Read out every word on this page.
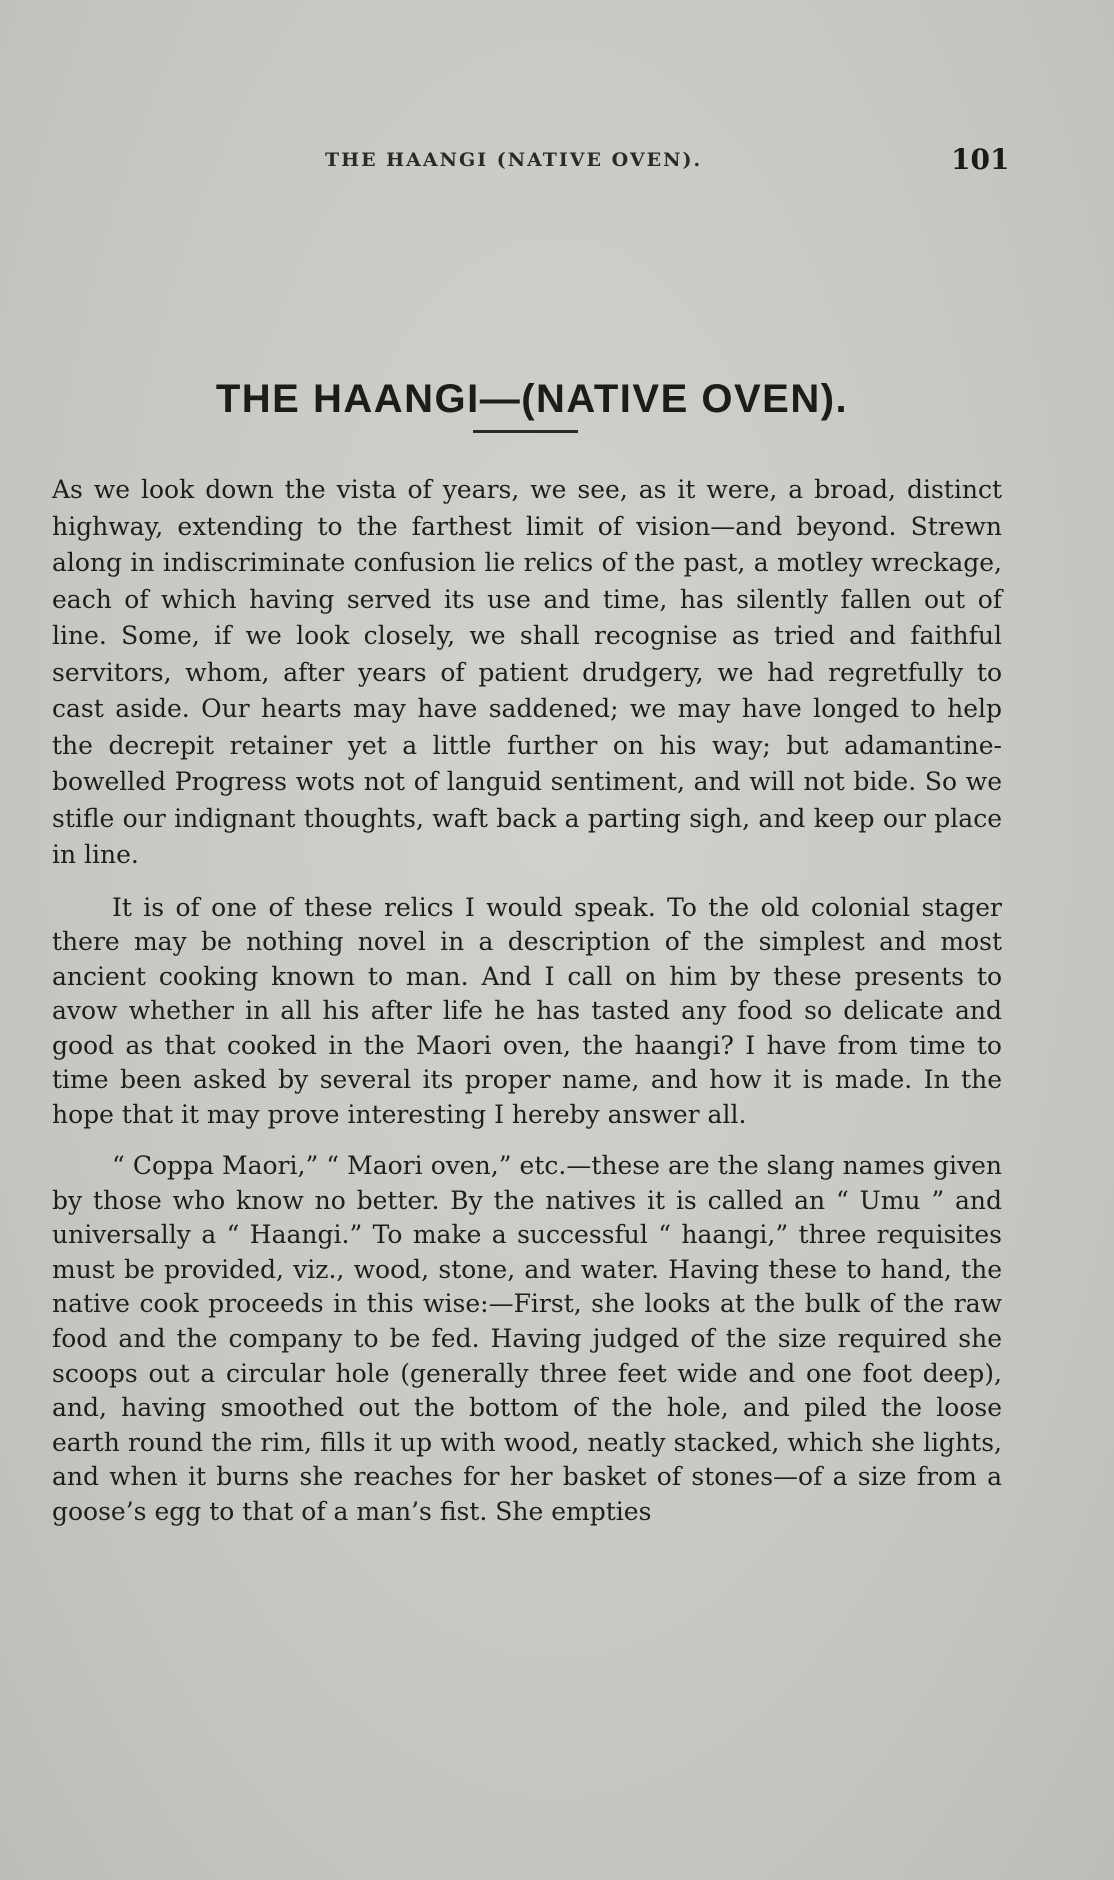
THE HAANGI (NATIVE OVEN).	101
THE HAANGI—(NATIVE OVEN).

As we look down the vista of years, we see, as it were, a broad, distinct highway, extending to the farthest limit of vision—and beyond. Strewn along in indiscriminate confusion lie relics of the past, a motley wreckage, each of which having served its use and time, has silently fallen out of line. Some, if we look closely, we shall recognise as tried and faithful servitors, whom, after years of patient drudgery, we had regretfully to cast aside. Our hearts may have saddened; we may have longed to help the decrepit retainer yet a little further on his way; but adamantine-bowelled Progress wots not of languid sentiment, and will not bide. So we stifle our indignant thoughts, waft back a parting sigh, and keep our place in line.

It is of one of these relics I would speak. To the old colonial stager there may be nothing novel in a description of the simplest and most ancient cooking known to man. And I call on him by these presents to avow whether in all his after life he has tasted any food so delicate and good as that cooked in the Maori oven, the haangi? I have from time to time been asked by several its proper name, and how it is made. In the hope that it may prove interesting I hereby answer all.

“ Coppa Maori,” “ Maori oven,” etc.—these are the slang names given by those who know no better. By the natives it is called an “ Umu ” and universally a “ Haangi.” To make a successful “ haangi,” three requisites must be provided, viz., wood, stone, and water. Having these to hand, the native cook proceeds in this wise:—First, she looks at the bulk of the raw food and the company to be fed. Having judged of the size required she scoops out a circular hole (generally three feet wide and one foot deep), and, having smoothed out the bottom of the hole, and piled the loose earth round the rim, fills it up with wood, neatly stacked, which she lights, and when it burns she reaches for her basket of stones—of a size from a goose’s egg to that of a man’s fist. She empties
